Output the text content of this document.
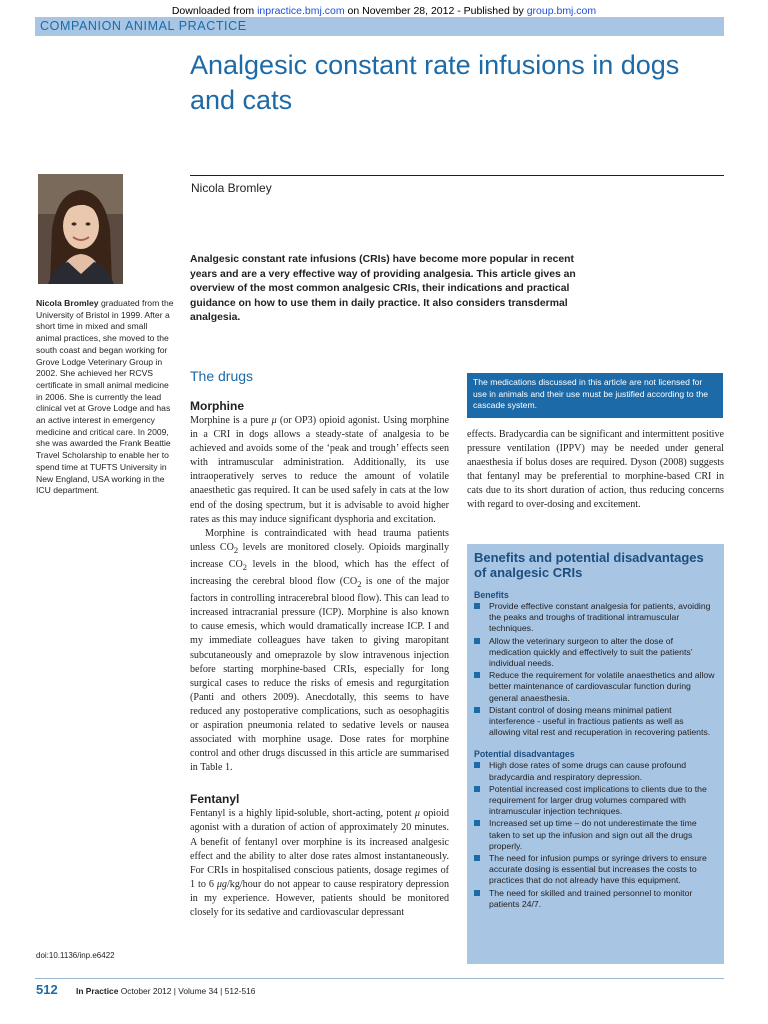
Downloaded from inpractice.bmj.com on November 28, 2012 - Published by group.bmj.com
COMPANION ANIMAL PRACTICE
Analgesic constant rate infusions in dogs and cats
Nicola Bromley

Nicola Bromley graduated from the University of Bristol in 1999. After a short time in mixed and small animal practices, she moved to the south coast and began working for Grove Lodge Veterinary Group in 2002. She achieved her RCVS certificate in small animal medicine in 2006. She is currently the lead clinical vet at Grove Lodge and has an active interest in emergency medicine and critical care. In 2009, she was awarded the Frank Beattie Travel Scholarship to enable her to spend time at TUFTS University in New England, USA working in the ICU department.

Analgesic constant rate infusions (CRIs) have become more popular in recent years and are a very effective way of providing analgesia. This article gives an overview of the most common analgesic CRIs, their indications and practical guidance on how to use them in daily practice. It also considers transdermal analgesia.

doi:10.1136/inp.e6422
The drugs
Morphine

Morphine is a pure μ (or OP3) opioid agonist. Using morphine in a CRI in dogs allows a steady-state of analgesia to be achieved and avoids some of the ‘peak and trough’ effects seen with intramuscular administration. Additionally, its use intraoperatively serves to reduce the amount of volatile anaesthetic gas required. It can be used safely in cats at the low end of the dosing spectrum, but it is advisable to avoid higher rates as this may induce significant dysphoria and excitation.

Morphine is contraindicated with head trauma patients unless $CO_2$ levels are monitored closely. Opioids marginally increase $CO_2$ levels in the blood, which has the effect of increasing the cerebral blood flow ($CO_2$ is one of the major factors in controlling intracerebral blood flow). This can lead to increased intracranial pressure (ICP). Morphine is also known to cause emesis, which would dramatically increase ICP. I and my immediate colleagues have taken to giving maropitant subcutaneously and omeprazole by slow intravenous injection before starting morphine-based CRIs, especially for long surgical cases to reduce the risks of emesis and regurgitation (Panti and others 2009). Anecdotally, this seems to have reduced any postoperative complications, such as oesophagitis or aspiration pneumonia related to sedative levels or nausea associated with morphine usage. Dose rates for morphine control and other drugs discussed in this article are summarised in Table 1.

Fentanyl

Fentanyl is a highly lipid-soluble, short-acting, potent μ opioid agonist with a duration of action of approximately 20 minutes. A benefit of fentanyl over morphine is its increased analgesic effect and the ability to alter dose rates almost instantaneously. For CRIs in hospitalised conscious patients, dosage regimes of 1 to 6 μg/kg/hour do not appear to cause respiratory depression in my experience. However, patients should be monitored closely for its sedative and cardiovascular depressant

The medications discussed in this article are not licensed for use in animals and their use must be justified according to the cascade system.

effects. Bradycardia can be significant and intermittent positive pressure ventilation (IPPV) may be needed under general anaesthesia if bolus doses are required. Dyson (2008) suggests that fentanyl may be preferential to morphine-based CRI in cats due to its short duration of action, thus reducing concerns with regard to over-dosing and excitement.

Benefits and potential disadvantages of analgesic CRIs
Benefits
Provide effective constant analgesia for patients, avoiding the peaks and troughs of traditional intramuscular techniques.
Allow the veterinary surgeon to alter the dose of medication quickly and effectively to suit the patients’ individual needs.
Reduce the requirement for volatile anaesthetics and allow better maintenance of cardiovascular function during general anaesthesia.
Distant control of dosing means minimal patient interference - useful in fractious patients as well as allowing vital rest and recuperation in recovering patients.
Potential disadvantages
High dose rates of some drugs can cause profound bradycardia and respiratory depression.
Potential increased cost implications to clients due to the requirement for larger drug volumes compared with intramuscular injection techniques.
Increased set up time – do not underestimate the time taken to set up the infusion and sign out all the drugs properly.
The need for infusion pumps or syringe drivers to ensure accurate dosing is essential but increases the costs to practices that do not already have this equipment.
The need for skilled and trained personnel to monitor patients 24/7.
512 In Practice October 2012 | Volume 34 | 512-516
